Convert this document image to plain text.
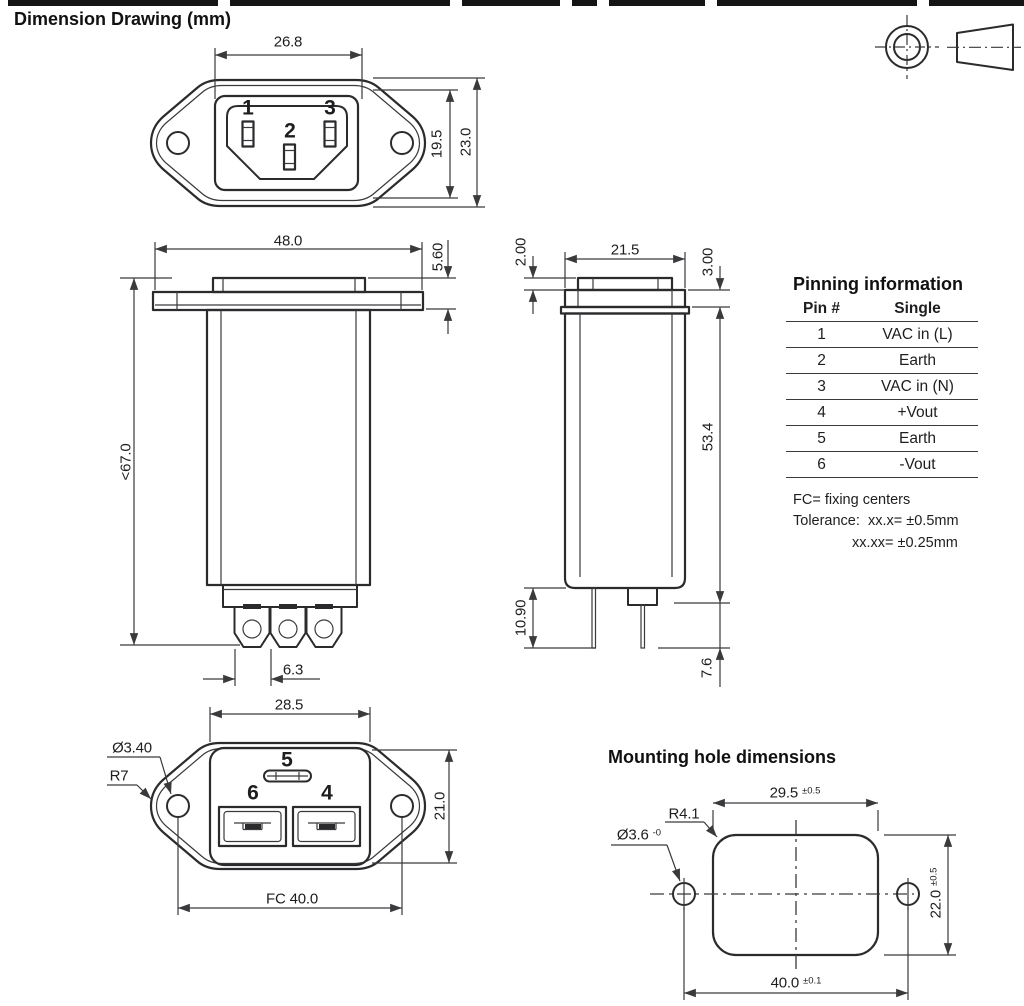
Dimension Drawing (mm)
1
2
3
26.8
19.5 23.0
48.0
5.60
<67.0
6.3
2.00	21.5	3.00
53.4
10.90
7.6
Pinning information
Pin #	Single
1	VAC in (L)
2	Earth
3	VAC in (N)
4	+Vout
5	Earth
6	-Vout
FC= fixing centers
Tolerance: xx.x= ±0.5mm
xx.xx= ±0.25mm
5
6	4
28.5
21.0
FC 40.0
Ø3.40
R7
Mounting hole dimensions
29.5 $^{\pm 0.5}$
R4.1
Ø3.6 $^{-0}$
22.0 $^{\pm 0.5}$
40.0 $^{\pm 0.1}$
